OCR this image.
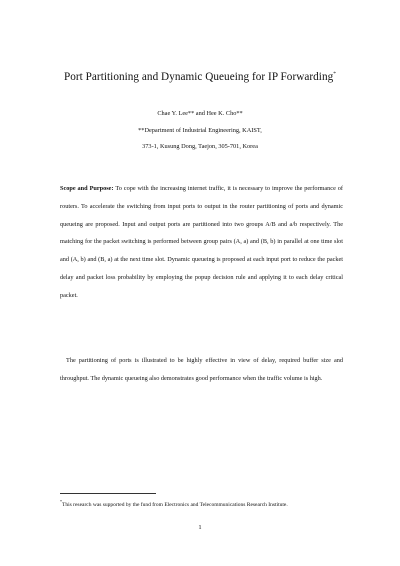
Port Partitioning and Dynamic Queueing for IP Forwarding*
Chae Y. Lee** and Hee K. Cho**
**Department of Industrial Engineering, KAIST,
373-1, Kusung Dong, Taejon, 305-701, Korea
Scope and Purpose: To cope with the increasing internet traffic, it is necessary to improve the performance of routers. To accelerate the switching from input ports to output in the router partitioning of ports and dynamic queueing are proposed. Input and output ports are partitioned into two groups A/B and a/b respectively. The matching for the packet switching is performed between group pairs (A, a) and (B, b) in parallel at one time slot and (A, b) and (B, a) at the next time slot. Dynamic queueing is proposed at each input port to reduce the packet delay and packet loss probability by employing the popup decision rule and applying it to each delay critical packet.
The partitioning of ports is illustrated to be highly effective in view of delay, required buffer size and throughput. The dynamic queueing also demonstrates good performance when the traffic volume is high.
*This research was supported by the fund from Electronics and Telecommunications Research Institute.
1
